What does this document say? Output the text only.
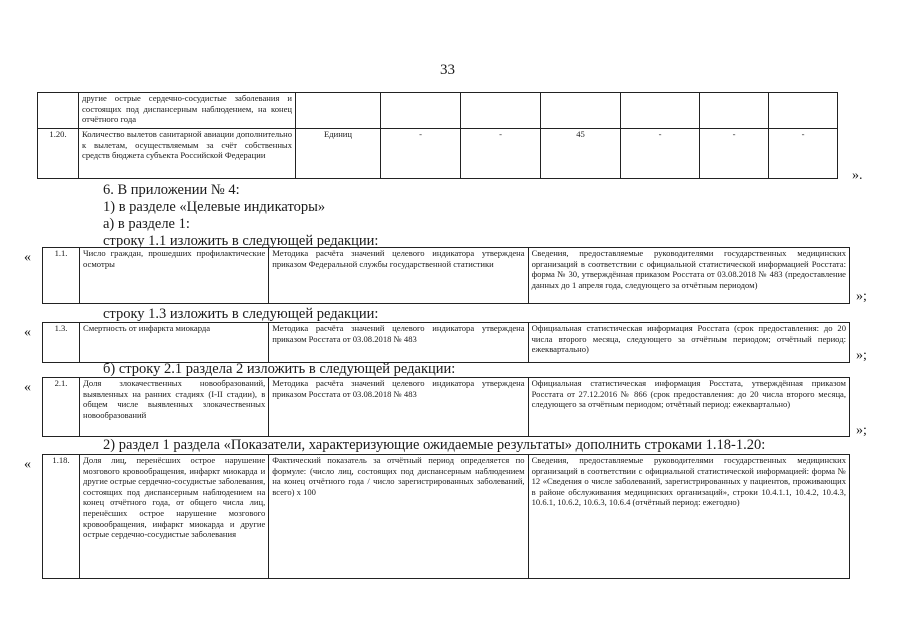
33
	другие острые сердечно-сосудистые заболевания и состоящих под диспансерным наблюдением, на конец отчётного года							
1.20.	Количество вылетов санитарной авиации дополнительно к вылетам, осуществляемым за счёт собственных средств бюджета субъекта Российской Федерации	Единиц	-	-	45	-	-	-
».
6. В приложении № 4:
1) в разделе «Целевые индикаторы»
а) в разделе 1:
строку 1.1 изложить в следующей редакции:
«	1.1.	Число граждан, прошедших профилактические осмотры	Методика расчёта значений целевого индикатора утверждена приказом Федеральной службы государственной статистики	Сведения, предоставляемые руководителями государственных медицинских организаций в соответствии с официальной статистической информацией Росстата: форма № 30, утверждённая приказом Росстата от 03.08.2018 № 483 (предоставление данных до 1 апреля года, следующего за отчётным периодом)
»;
строку 1.3 изложить в следующей редакции:
«	1.3.	Смертность от инфаркта миокарда	Методика расчёта значений целевого индикатора утверждена приказом Росстата от 03.08.2018 № 483	Официальная статистическая информация Росстата (срок предоставления: до 20 числа второго месяца, следующего за отчётным периодом; отчётный период: ежеквартально)	»;
б) строку 2.1 раздела 2 изложить в следующей редакции:
«	2.1.	Доля злокачественных новообразований, выявленных на ранних стадиях (I-II стадии), в общем числе выявленных злокачественных новообразований	Методика расчёта значений целевого индикатора утверждена приказом Росстата от 03.08.2018 № 483	Официальная статистическая информация Росстата, утверждённая приказом Росстата от 27.12.2016 № 866 (срок предоставления: до 20 числа второго месяца, следующего за отчётным периодом; отчётный период: ежеквартально)
»;
2) раздел 1 раздела «Показатели, характеризующие ожидаемые результаты» дополнить строками 1.18-1.20:
« 1.18.	Доля лиц, перенёсших острое нарушение мозгового кровообращения, инфаркт миокарда и другие острые сердечно-сосудистые заболевания, состоящих под диспансерным наблюдением на конец отчётного года, от общего числа лиц, перенёсших острое нарушение мозгового кровообращения, инфаркт миокарда и другие острые сердечно-сосудистые заболевания	Фактический показатель за отчётный период определяется по формуле: (число лиц, состоящих под диспансерным наблюдением на конец отчётного года / число зарегистрированных заболеваний, всего) х 100	Сведения, предоставляемые руководителями государственных медицинских организаций в соответствии с официальной статистической информацией: форма № 12 «Сведения о числе заболеваний, зарегистрированных у пациентов, проживающих в районе обслуживания медицинских организаций», строки 10.4.1.1, 10.4.2, 10.4.3, 10.6.1, 10.6.2, 10.6.3, 10.6.4 (отчётный период: ежегодно)
